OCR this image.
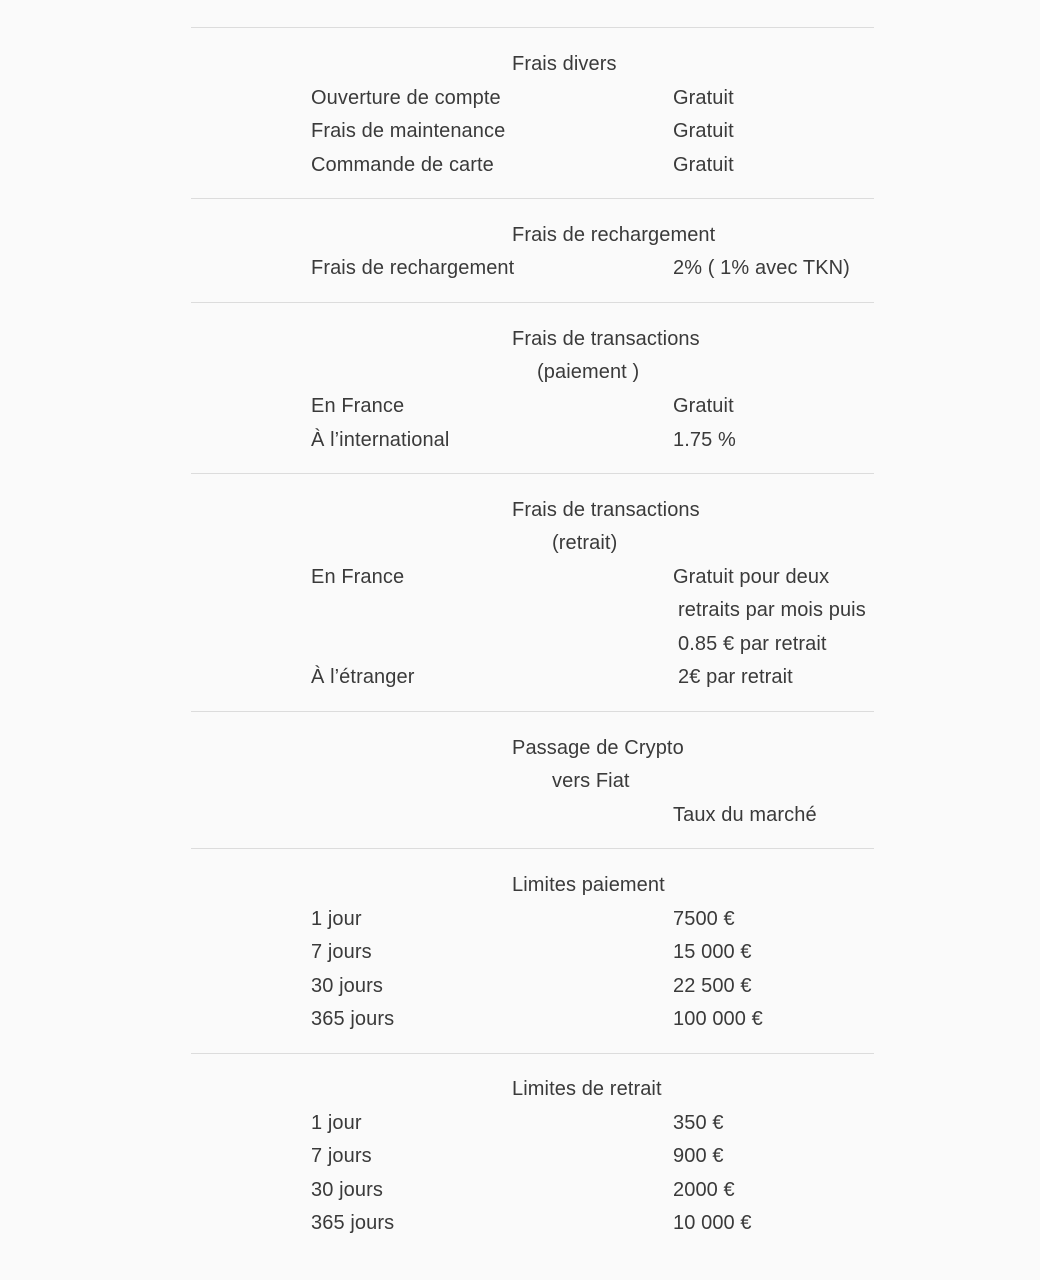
Frais divers
Ouverture de compte	Gratuit
Frais de maintenance	Gratuit
Commande de carte	Gratuit
Frais de rechargement
Frais de rechargement	2% ( 1% avec TKN)
Frais de transactions
(paiement )
En France	Gratuit
À l’international	1.75 %
Frais de transactions
(retrait)
En France	Gratuit pour deux
retraits par mois puis
0.85 € par retrait
À l’étranger	2€ par retrait
Passage de Crypto
vers Fiat
Taux du marché
Limites paiement
1 jour	7500 €
7 jours	15 000 €
30 jours	22 500 €
365 jours	100 000 €
Limites de retrait
1 jour	350 €
7 jours	900 €
30 jours	2000 €
365 jours	10 000 €
